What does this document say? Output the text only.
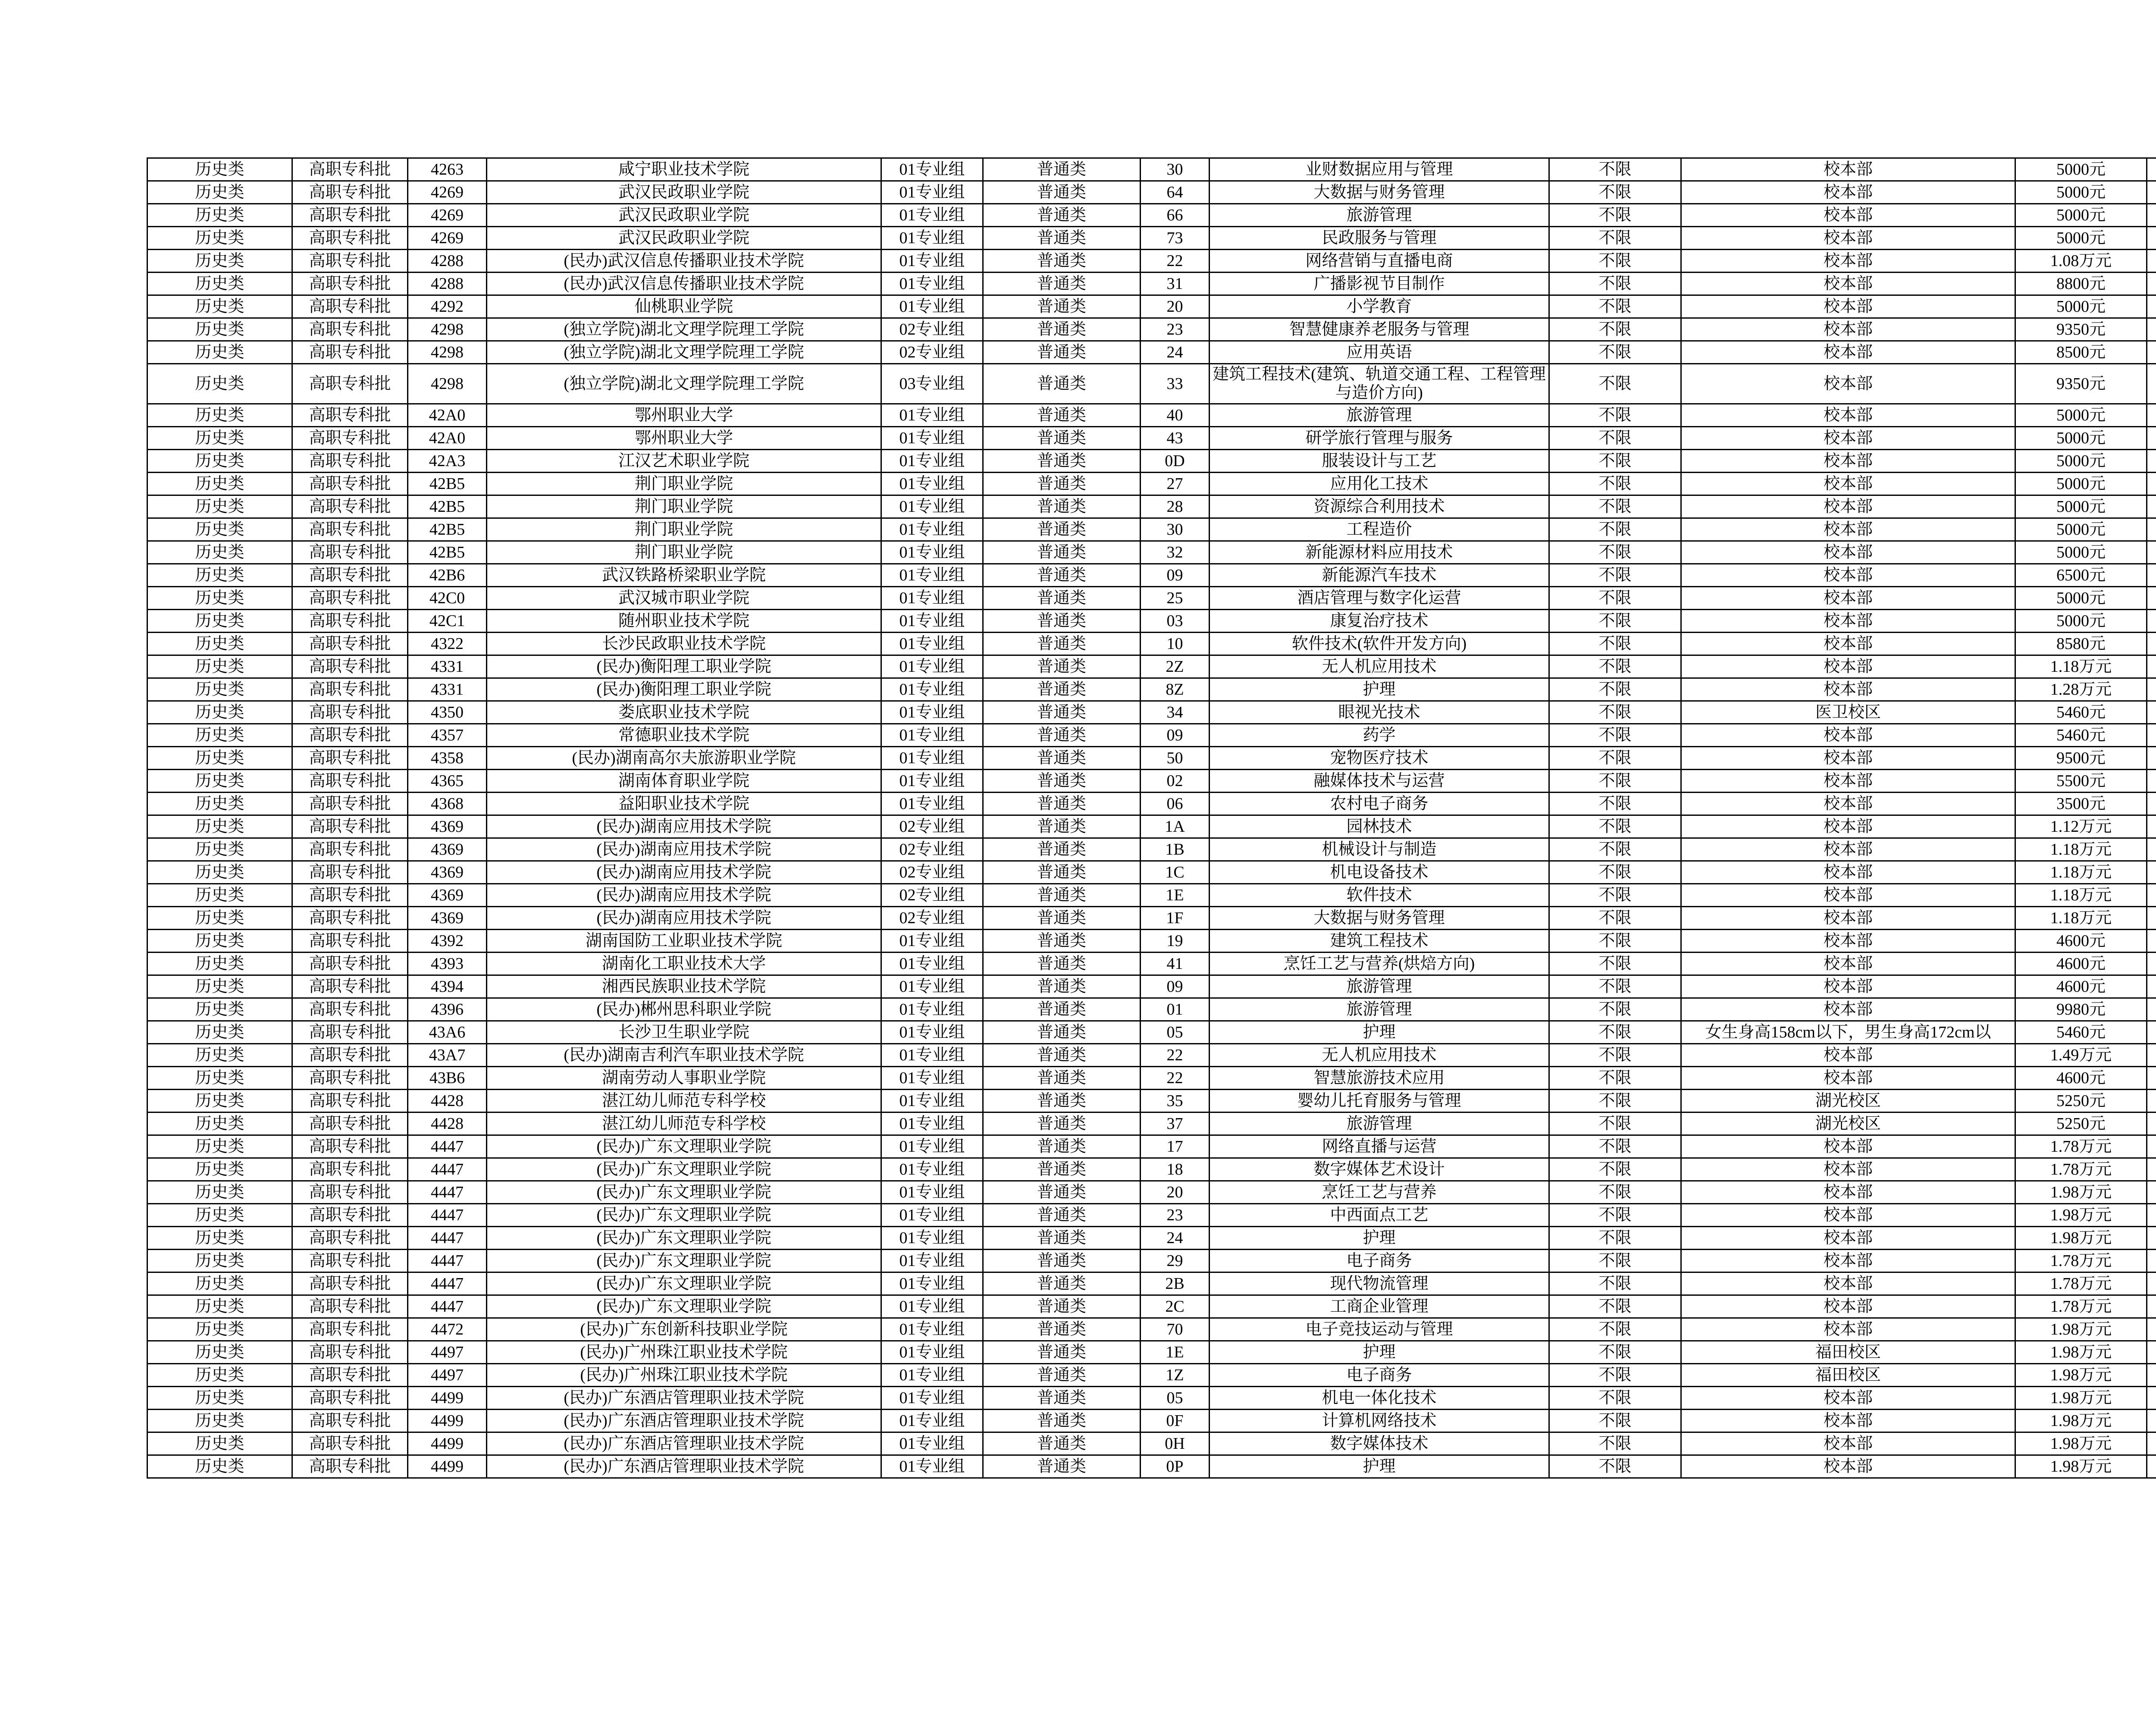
历史类	高职专科批	4263	咸宁职业技术学院	01专业组	普通类	30	业财数据应用与管理	不限	校本部	5000元	
历史类	高职专科批	4269	武汉民政职业学院	01专业组	普通类	64	大数据与财务管理	不限	校本部	5000元	
历史类	高职专科批	4269	武汉民政职业学院	01专业组	普通类	66	旅游管理	不限	校本部	5000元	
历史类	高职专科批	4269	武汉民政职业学院	01专业组	普通类	73	民政服务与管理	不限	校本部	5000元	
历史类	高职专科批	4288	(民办)武汉信息传播职业技术学院	01专业组	普通类	22	网络营销与直播电商	不限	校本部	1.08万元	
历史类	高职专科批	4288	(民办)武汉信息传播职业技术学院	01专业组	普通类	31	广播影视节目制作	不限	校本部	8800元	
历史类	高职专科批	4292	仙桃职业学院	01专业组	普通类	20	小学教育	不限	校本部	5000元	
历史类	高职专科批	4298	(独立学院)湖北文理学院理工学院	02专业组	普通类	23	智慧健康养老服务与管理	不限	校本部	9350元	
历史类	高职专科批	4298	(独立学院)湖北文理学院理工学院	02专业组	普通类	24	应用英语	不限	校本部	8500元	
历史类	高职专科批	4298	(独立学院)湖北文理学院理工学院	03专业组	普通类	33	建筑工程技术(建筑、轨道交通工程、工程管理与造价方向)	不限	校本部	9350元	
历史类	高职专科批	42A0	鄂州职业大学	01专业组	普通类	40	旅游管理	不限	校本部	5000元	
历史类	高职专科批	42A0	鄂州职业大学	01专业组	普通类	43	研学旅行管理与服务	不限	校本部	5000元	
历史类	高职专科批	42A3	江汉艺术职业学院	01专业组	普通类	0D	服装设计与工艺	不限	校本部	5000元	
历史类	高职专科批	42B5	荆门职业学院	01专业组	普通类	27	应用化工技术	不限	校本部	5000元	
历史类	高职专科批	42B5	荆门职业学院	01专业组	普通类	28	资源综合利用技术	不限	校本部	5000元	
历史类	高职专科批	42B5	荆门职业学院	01专业组	普通类	30	工程造价	不限	校本部	5000元	
历史类	高职专科批	42B5	荆门职业学院	01专业组	普通类	32	新能源材料应用技术	不限	校本部	5000元	
历史类	高职专科批	42B6	武汉铁路桥梁职业学院	01专业组	普通类	09	新能源汽车技术	不限	校本部	6500元	
历史类	高职专科批	42C0	武汉城市职业学院	01专业组	普通类	25	酒店管理与数字化运营	不限	校本部	5000元	
历史类	高职专科批	42C1	随州职业技术学院	01专业组	普通类	03	康复治疗技术	不限	校本部	5000元	
历史类	高职专科批	4322	长沙民政职业技术学院	01专业组	普通类	10	软件技术(软件开发方向)	不限	校本部	8580元	
历史类	高职专科批	4331	(民办)衡阳理工职业学院	01专业组	普通类	2Z	无人机应用技术	不限	校本部	1.18万元	
历史类	高职专科批	4331	(民办)衡阳理工职业学院	01专业组	普通类	8Z	护理	不限	校本部	1.28万元	
历史类	高职专科批	4350	娄底职业技术学院	01专业组	普通类	34	眼视光技术	不限	医卫校区	5460元	
历史类	高职专科批	4357	常德职业技术学院	01专业组	普通类	09	药学	不限	校本部	5460元	
历史类	高职专科批	4358	(民办)湖南高尔夫旅游职业学院	01专业组	普通类	50	宠物医疗技术	不限	校本部	9500元	
历史类	高职专科批	4365	湖南体育职业学院	01专业组	普通类	02	融媒体技术与运营	不限	校本部	5500元	
历史类	高职专科批	4368	益阳职业技术学院	01专业组	普通类	06	农村电子商务	不限	校本部	3500元	
历史类	高职专科批	4369	(民办)湖南应用技术学院	02专业组	普通类	1A	园林技术	不限	校本部	1.12万元	
历史类	高职专科批	4369	(民办)湖南应用技术学院	02专业组	普通类	1B	机械设计与制造	不限	校本部	1.18万元	
历史类	高职专科批	4369	(民办)湖南应用技术学院	02专业组	普通类	1C	机电设备技术	不限	校本部	1.18万元	
历史类	高职专科批	4369	(民办)湖南应用技术学院	02专业组	普通类	1E	软件技术	不限	校本部	1.18万元	
历史类	高职专科批	4369	(民办)湖南应用技术学院	02专业组	普通类	1F	大数据与财务管理	不限	校本部	1.18万元	
历史类	高职专科批	4392	湖南国防工业职业技术学院	01专业组	普通类	19	建筑工程技术	不限	校本部	4600元	
历史类	高职专科批	4393	湖南化工职业技术大学	01专业组	普通类	41	烹饪工艺与营养(烘焙方向)	不限	校本部	4600元	
历史类	高职专科批	4394	湘西民族职业技术学院	01专业组	普通类	09	旅游管理	不限	校本部	4600元	
历史类	高职专科批	4396	(民办)郴州思科职业学院	01专业组	普通类	01	旅游管理	不限	校本部	9980元	
历史类	高职专科批	43A6	长沙卫生职业学院	01专业组	普通类	05	护理	不限	女生身高158cm以下，男生身高172cm以	5460元	
历史类	高职专科批	43A7	(民办)湖南吉利汽车职业技术学院	01专业组	普通类	22	无人机应用技术	不限	校本部	1.49万元	
历史类	高职专科批	43B6	湖南劳动人事职业学院	01专业组	普通类	22	智慧旅游技术应用	不限	校本部	4600元	
历史类	高职专科批	4428	湛江幼儿师范专科学校	01专业组	普通类	35	婴幼儿托育服务与管理	不限	湖光校区	5250元	
历史类	高职专科批	4428	湛江幼儿师范专科学校	01专业组	普通类	37	旅游管理	不限	湖光校区	5250元	
历史类	高职专科批	4447	(民办)广东文理职业学院	01专业组	普通类	17	网络直播与运营	不限	校本部	1.78万元	
历史类	高职专科批	4447	(民办)广东文理职业学院	01专业组	普通类	18	数字媒体艺术设计	不限	校本部	1.78万元	
历史类	高职专科批	4447	(民办)广东文理职业学院	01专业组	普通类	20	烹饪工艺与营养	不限	校本部	1.98万元	
历史类	高职专科批	4447	(民办)广东文理职业学院	01专业组	普通类	23	中西面点工艺	不限	校本部	1.98万元	
历史类	高职专科批	4447	(民办)广东文理职业学院	01专业组	普通类	24	护理	不限	校本部	1.98万元	
历史类	高职专科批	4447	(民办)广东文理职业学院	01专业组	普通类	29	电子商务	不限	校本部	1.78万元	
历史类	高职专科批	4447	(民办)广东文理职业学院	01专业组	普通类	2B	现代物流管理	不限	校本部	1.78万元	
历史类	高职专科批	4447	(民办)广东文理职业学院	01专业组	普通类	2C	工商企业管理	不限	校本部	1.78万元	
历史类	高职专科批	4472	(民办)广东创新科技职业学院	01专业组	普通类	70	电子竞技运动与管理	不限	校本部	1.98万元	
历史类	高职专科批	4497	(民办)广州珠江职业技术学院	01专业组	普通类	1E	护理	不限	福田校区	1.98万元	
历史类	高职专科批	4497	(民办)广州珠江职业技术学院	01专业组	普通类	1Z	电子商务	不限	福田校区	1.98万元	
历史类	高职专科批	4499	(民办)广东酒店管理职业技术学院	01专业组	普通类	05	机电一体化技术	不限	校本部	1.98万元	
历史类	高职专科批	4499	(民办)广东酒店管理职业技术学院	01专业组	普通类	0F	计算机网络技术	不限	校本部	1.98万元	
历史类	高职专科批	4499	(民办)广东酒店管理职业技术学院	01专业组	普通类	0H	数字媒体技术	不限	校本部	1.98万元	
历史类	高职专科批	4499	(民办)广东酒店管理职业技术学院	01专业组	普通类	0P	护理	不限	校本部	1.98万元	
